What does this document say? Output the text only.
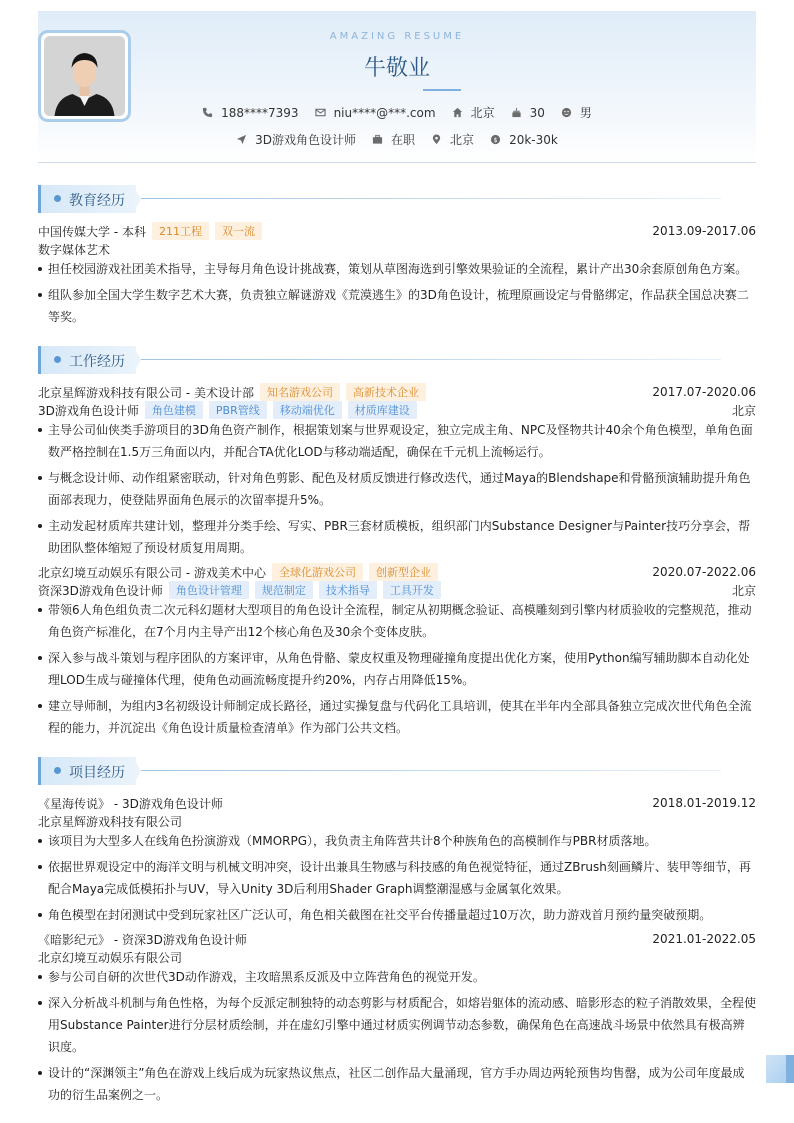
AMAZING RESUME
牛敬业
188****7393	niu****@***.com	北京	30	男
3D游戏角色设计师	在职	北京	$ 20k-30k
教育经历
中国传媒大学 - 本科	211工程	双一流	2013.09-2017.06
数字媒体艺术
担任校园游戏社团美术指导，主导每月角色设计挑战赛，策划从草图海选到引擎效果验证的全流程，累计产出30余套原创角色方案。
组队参加全国大学生数字艺术大赛，负责独立解谜游戏《荒漠逃生》的3D角色设计，梳理原画设定与骨骼绑定，作品获全国总决赛二等奖。
工作经历
北京星辉游戏科技有限公司 - 美术设计部	知名游戏公司	高新技术企业	2017.07-2020.06
3D游戏角色设计师	角色建模	PBR管线	移动端优化	材质库建设	北京
主导公司仙侠类手游项目的3D角色资产制作，根据策划案与世界观设定，独立完成主角、NPC及怪物共计40余个角色模型，单角色面数严格控制在1.5万三角面以内，并配合TA优化LOD与移动端适配，确保在千元机上流畅运行。
与概念设计师、动作组紧密联动，针对角色剪影、配色及材质反馈进行修改迭代，通过Maya的Blendshape和骨骼预演辅助提升角色面部表现力，使登陆界面角色展示的次留率提升5%。
主动发起材质库共建计划，整理并分类手绘、写实、PBR三套材质模板，组织部门内Substance Designer与Painter技巧分享会，帮助团队整体缩短了预设材质复用周期。
北京幻境互动娱乐有限公司 - 游戏美术中心	全球化游戏公司	创新型企业	2020.07-2022.06
资深3D游戏角色设计师	角色设计管理	规范制定	技术指导	工具开发	北京
带领6人角色组负责二次元科幻题材大型项目的角色设计全流程，制定从初期概念验证、高模雕刻到引擎内材质验收的完整规范，推动角色资产标准化，在7个月内主导产出12个核心角色及30余个变体皮肤。
深入参与战斗策划与程序团队的方案评审，从角色骨骼、蒙皮权重及物理碰撞角度提出优化方案，使用Python编写辅助脚本自动化处理LOD生成与碰撞体代理，使角色动画流畅度提升约20%，内存占用降低15%。
建立导师制，为组内3名初级设计师制定成长路径，通过实操复盘与代码化工具培训，使其在半年内全部具备独立完成次世代角色全流程的能力，并沉淀出《角色设计质量检查清单》作为部门公共文档。
项目经历
《星海传说》 - 3D游戏角色设计师	2018.01-2019.12
北京星辉游戏科技有限公司
该项目为大型多人在线角色扮演游戏（MMORPG），我负责主角阵营共计8个种族角色的高模制作与PBR材质落地。
依据世界观设定中的海洋文明与机械文明冲突，设计出兼具生物感与科技感的角色视觉特征，通过ZBrush刻画鳞片、装甲等细节，再配合Maya完成低模拓扑与UV，导入Unity 3D后利用Shader Graph调整潮湿感与金属氧化效果。
角色模型在封闭测试中受到玩家社区广泛认可，角色相关截图在社交平台传播量超过10万次，助力游戏首月预约量突破预期。
《暗影纪元》 - 资深3D游戏角色设计师	2021.01-2022.05
北京幻境互动娱乐有限公司
参与公司自研的次世代3D动作游戏，主攻暗黑系反派及中立阵营角色的视觉开发。
深入分析战斗机制与角色性格，为每个反派定制独特的动态剪影与材质配合，如熔岩躯体的流动感、暗影形态的粒子消散效果，全程使用Substance Painter进行分层材质绘制，并在虚幻引擎中通过材质实例调节动态参数，确保角色在高速战斗场景中依然具有极高辨识度。
设计的“深渊领主”角色在游戏上线后成为玩家热议焦点，社区二创作品大量涌现，官方手办周边两轮预售均售罄，成为公司年度最成功的衍生品案例之一。
